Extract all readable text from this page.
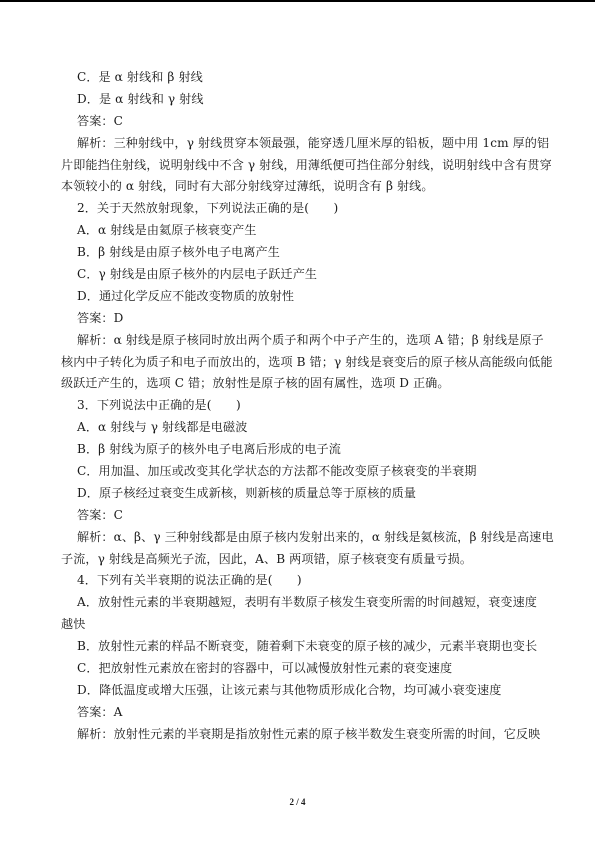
C．是 α 射线和 β 射线
D．是 α 射线和 γ 射线
答案：C
解析：三种射线中，γ 射线贯穿本领最强，能穿透几厘米厚的铅板，题中用 1cm 厚的铝
片即能挡住射线，说明射线中不含 γ 射线，用薄纸便可挡住部分射线，说明射线中含有贯穿
本领较小的 α 射线，同时有大部分射线穿过薄纸，说明含有 β 射线。
2．关于天然放射现象，下列说法正确的是(　　)
A．α 射线是由氦原子核衰变产生
B．β 射线是由原子核外电子电离产生
C．γ 射线是由原子核外的内层电子跃迁产生
D．通过化学反应不能改变物质的放射性
答案：D
解析：α 射线是原子核同时放出两个质子和两个中子产生的，选项 A 错；β 射线是原子
核内中子转化为质子和电子而放出的，选项 B 错；γ 射线是衰变后的原子核从高能级向低能
级跃迁产生的，选项 C 错；放射性是原子核的固有属性，选项 D 正确。
3．下列说法中正确的是(　　)
A．α 射线与 γ 射线都是电磁波
B．β 射线为原子的核外电子电离后形成的电子流
C．用加温、加压或改变其化学状态的方法都不能改变原子核衰变的半衰期
D．原子核经过衰变生成新核，则新核的质量总等于原核的质量
答案：C
解析：α、β、γ 三种射线都是由原子核内发射出来的，α 射线是氦核流，β 射线是高速电
子流，γ 射线是高频光子流，因此，A、B 两项错，原子核衰变有质量亏损。
4．下列有关半衰期的说法正确的是(　　)
A．放射性元素的半衰期越短，表明有半数原子核发生衰变所需的时间越短，衰变速度
越快
B．放射性元素的样品不断衰变，随着剩下未衰变的原子核的减少，元素半衰期也变长
C．把放射性元素放在密封的容器中，可以减慢放射性元素的衰变速度
D．降低温度或增大压强，让该元素与其他物质形成化合物，均可减小衰变速度
答案：A
解析：放射性元素的半衰期是指放射性元素的原子核半数发生衰变所需的时间，它反映
2 / 4
